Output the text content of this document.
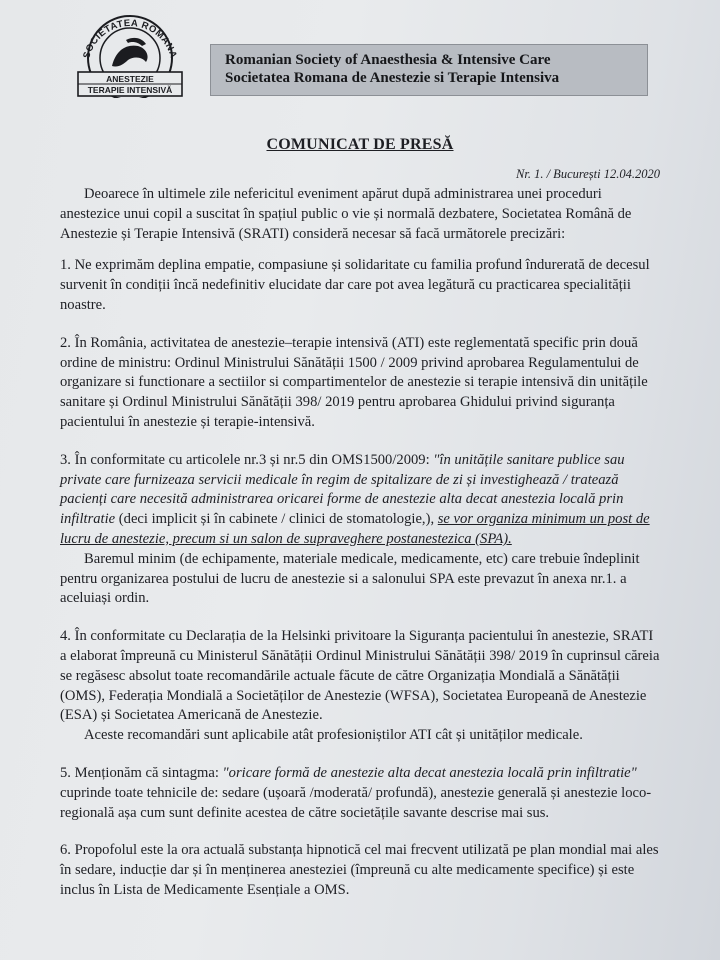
SOCIETATEA ROMANA
ANESTEZIE
TERAPIE INTENSIVĂ
Romanian Society of Anaesthesia & Intensive Care
Societatea Romana de Anestezie si Terapie Intensiva
COMUNICAT DE PRESĂ
Nr. 1. / București 12.04.2020

Deoarece în ultimele zile nefericitul eveniment apărut după administrarea unei proceduri anestezice unui copil a suscitat în spațiul public o vie și normală dezbatere, Societatea Română de Anestezie și Terapie Intensivă (SRATI) consideră necesar să facă următorele precizări:

1. Ne exprimăm deplina empatie, compasiune și solidaritate cu familia profund îndurerată de decesul survenit în condiții încă nedefinitiv elucidate dar care pot avea legătură cu practicarea specialității noastre.

2. În România, activitatea de anestezie–terapie intensivă (ATI) este reglementată specific prin două ordine de ministru: Ordinul Ministrului Sănătății 1500 / 2009 privind aprobarea Regulamentului de organizare si functionare a sectiilor si compartimentelor de anestezie si terapie intensivă din unitățile sanitare și Ordinul Ministrului Sănătății 398/ 2019 pentru aprobarea Ghidului privind siguranța pacientului în anestezie și terapie-intensivă.

3. În conformitate cu articolele nr.3 și nr.5 din OMS1500/2009: "în unitățile sanitare publice sau private care furnizeaza servicii medicale în regim de spitalizare de zi și investighează / tratează pacienți care necesită administrarea oricarei forme de anestezie alta decat anestezia locală prin infiltratie (deci implicit și în cabinete / clinici de stomatologie,), se vor organiza minimum un post de lucru de anestezie, precum si un salon de supraveghere postanestezica (SPA).

Baremul minim (de echipamente, materiale medicale, medicamente, etc) care trebuie îndeplinit pentru organizarea postului de lucru de anestezie si a salonului SPA este prevazut în anexa nr.1. a aceluiași ordin.

4. În conformitate cu Declarația de la Helsinki privitoare la Siguranța pacientului în anestezie, SRATI a elaborat împreună cu Ministerul Sănătății Ordinul Ministrului Sănătății 398/ 2019 în cuprinsul căreia se regăsesc absolut toate recomandările actuale făcute de către Organizația Mondială a Sănătății (OMS), Federația Mondială a Societăților de Anestezie (WFSA), Societatea Europeană de Anestezie (ESA) și Societatea Americană de Anestezie.

Aceste recomandări sunt aplicabile atât profesioniștilor ATI cât și unităților medicale.

5. Menționăm că sintagma: "oricare formă de anestezie alta decat anestezia locală prin infiltratie" cuprinde toate tehnicile de: sedare (ușoară /moderată/ profundă), anestezie generală și anestezie loco-regională așa cum sunt definite acestea de către societățile savante descrise mai sus.

6. Propofolul este la ora actuală substanța hipnotică cel mai frecvent utilizată pe plan mondial mai ales în sedare, inducție dar și în menținerea anesteziei (împreună cu alte medicamente specifice) și este inclus în Lista de Medicamente Esențiale a OMS.
